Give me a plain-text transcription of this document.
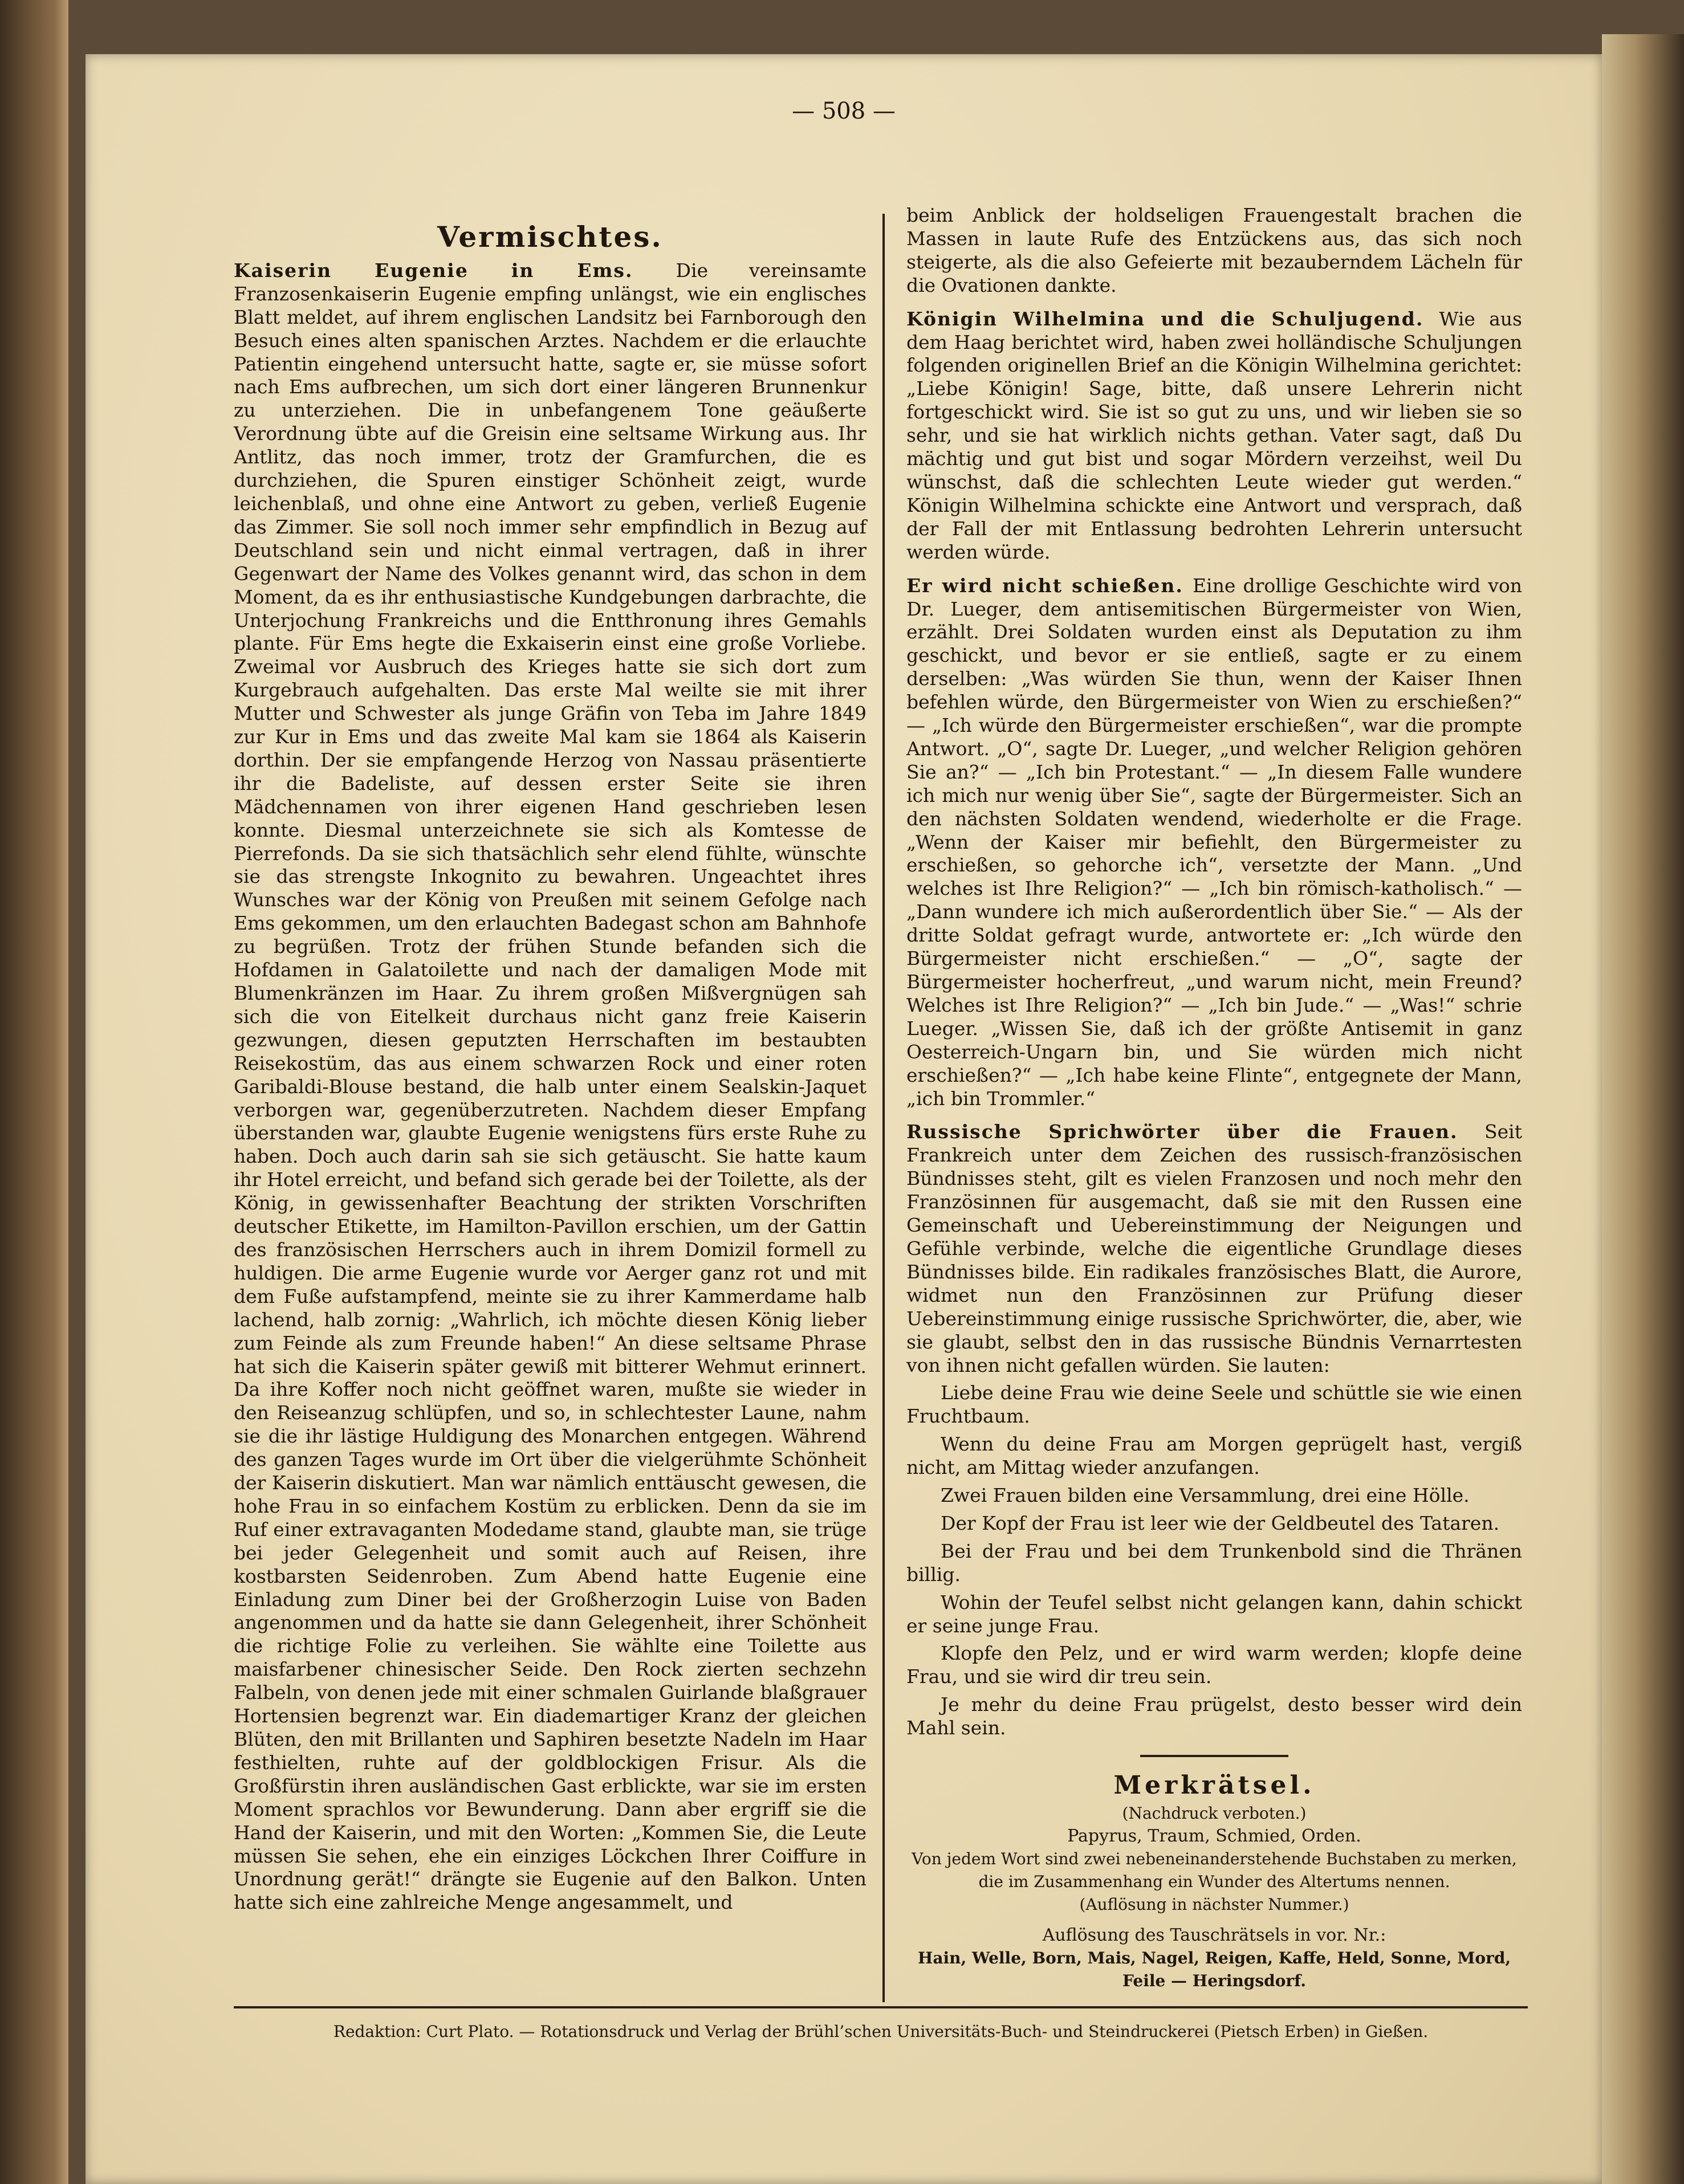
— 508 —
Vermischtes.

Kaiserin Eugenie in Ems. Die vereinsamte Franzosenkaiserin Eugenie empfing unlängst, wie ein englisches Blatt meldet, auf ihrem englischen Landsitz bei Farnborough den Besuch eines alten spanischen Arztes. Nachdem er die erlauchte Patientin eingehend untersucht hatte, sagte er, sie müsse sofort nach Ems aufbrechen, um sich dort einer längeren Brunnenkur zu unterziehen. Die in unbefangenem Tone geäußerte Verordnung übte auf die Greisin eine seltsame Wirkung aus. Ihr Antlitz, das noch immer, trotz der Gramfurchen, die es durchziehen, die Spuren einstiger Schönheit zeigt, wurde leichenblaß, und ohne eine Antwort zu geben, verließ Eugenie das Zimmer. Sie soll noch immer sehr empfindlich in Bezug auf Deutschland sein und nicht einmal vertragen, daß in ihrer Gegenwart der Name des Volkes genannt wird, das schon in dem Moment, da es ihr enthusiastische Kundgebungen darbrachte, die Unterjochung Frankreichs und die Entthronung ihres Gemahls plante. Für Ems hegte die Exkaiserin einst eine große Vorliebe. Zweimal vor Ausbruch des Krieges hatte sie sich dort zum Kurgebrauch aufgehalten. Das erste Mal weilte sie mit ihrer Mutter und Schwester als junge Gräfin von Teba im Jahre 1849 zur Kur in Ems und das zweite Mal kam sie 1864 als Kaiserin dorthin. Der sie empfangende Herzog von Nassau präsentierte ihr die Badeliste, auf dessen erster Seite sie ihren Mädchennamen von ihrer eigenen Hand geschrieben lesen konnte. Diesmal unterzeichnete sie sich als Komtesse de Pierrefonds. Da sie sich thatsächlich sehr elend fühlte, wünschte sie das strengste Inkognito zu bewahren. Ungeachtet ihres Wunsches war der König von Preußen mit seinem Gefolge nach Ems gekommen, um den erlauchten Badegast schon am Bahnhofe zu begrüßen. Trotz der frühen Stunde befanden sich die Hofdamen in Galatoilette und nach der damaligen Mode mit Blumenkränzen im Haar. Zu ihrem großen Mißvergnügen sah sich die von Eitelkeit durchaus nicht ganz freie Kaiserin gezwungen, diesen geputzten Herrschaften im bestaubten Reisekostüm, das aus einem schwarzen Rock und einer roten Garibaldi-Blouse bestand, die halb unter einem Sealskin-Jaquet verborgen war, gegenüberzutreten. Nachdem dieser Empfang überstanden war, glaubte Eugenie wenigstens fürs erste Ruhe zu haben. Doch auch darin sah sie sich getäuscht. Sie hatte kaum ihr Hotel erreicht, und befand sich gerade bei der Toilette, als der König, in gewissenhafter Beachtung der strikten Vorschriften deutscher Etikette, im Hamilton-Pavillon erschien, um der Gattin des französischen Herrschers auch in ihrem Domizil formell zu huldigen. Die arme Eugenie wurde vor Aerger ganz rot und mit dem Fuße aufstampfend, meinte sie zu ihrer Kammerdame halb lachend, halb zornig: „Wahrlich, ich möchte diesen König lieber zum Feinde als zum Freunde haben!“ An diese seltsame Phrase hat sich die Kaiserin später gewiß mit bitterer Wehmut erinnert. Da ihre Koffer noch nicht geöffnet waren, mußte sie wieder in den Reiseanzug schlüpfen, und so, in schlechtester Laune, nahm sie die ihr lästige Huldigung des Monarchen entgegen. Während des ganzen Tages wurde im Ort über die vielgerühmte Schönheit der Kaiserin diskutiert. Man war nämlich enttäuscht gewesen, die hohe Frau in so einfachem Kostüm zu erblicken. Denn da sie im Ruf einer extravaganten Modedame stand, glaubte man, sie trüge bei jeder Gelegenheit und somit auch auf Reisen, ihre kostbarsten Seidenroben. Zum Abend hatte Eugenie eine Einladung zum Diner bei der Großherzogin Luise von Baden angenommen und da hatte sie dann Gelegenheit, ihrer Schönheit die richtige Folie zu verleihen. Sie wählte eine Toilette aus maisfarbener chinesischer Seide. Den Rock zierten sechzehn Falbeln, von denen jede mit einer schmalen Guirlande blaßgrauer Hortensien begrenzt war. Ein diademartiger Kranz der gleichen Blüten, den mit Brillanten und Saphiren besetzte Nadeln im Haar festhielten, ruhte auf der goldblockigen Frisur. Als die Großfürstin ihren ausländischen Gast erblickte, war sie im ersten Moment sprachlos vor Bewunderung. Dann aber ergriff sie die Hand der Kaiserin, und mit den Worten: „Kommen Sie, die Leute müssen Sie sehen, ehe ein einziges Löckchen Ihrer Coiffure in Unordnung gerät!“ drängte sie Eugenie auf den Balkon. Unten hatte sich eine zahlreiche Menge angesammelt, und

beim Anblick der holdseligen Frauengestalt brachen die Massen in laute Rufe des Entzückens aus, das sich noch steigerte, als die also Gefeierte mit bezauberndem Lächeln für die Ovationen dankte.

Königin Wilhelmina und die Schuljugend. Wie aus dem Haag berichtet wird, haben zwei holländische Schuljungen folgenden originellen Brief an die Königin Wilhelmina gerichtet: „Liebe Königin! Sage, bitte, daß unsere Lehrerin nicht fortgeschickt wird. Sie ist so gut zu uns, und wir lieben sie so sehr, und sie hat wirklich nichts gethan. Vater sagt, daß Du mächtig und gut bist und sogar Mördern verzeihst, weil Du wünschst, daß die schlechten Leute wieder gut werden.“ Königin Wilhelmina schickte eine Antwort und versprach, daß der Fall der mit Entlassung bedrohten Lehrerin untersucht werden würde.

Er wird nicht schießen. Eine drollige Geschichte wird von Dr. Lueger, dem antisemitischen Bürgermeister von Wien, erzählt. Drei Soldaten wurden einst als Deputation zu ihm geschickt, und bevor er sie entließ, sagte er zu einem derselben: „Was würden Sie thun, wenn der Kaiser Ihnen befehlen würde, den Bürgermeister von Wien zu erschießen?“ — „Ich würde den Bürgermeister erschießen“, war die prompte Antwort. „O“, sagte Dr. Lueger, „und welcher Religion gehören Sie an?“ — „Ich bin Protestant.“ — „In diesem Falle wundere ich mich nur wenig über Sie“, sagte der Bürgermeister. Sich an den nächsten Soldaten wendend, wiederholte er die Frage. „Wenn der Kaiser mir befiehlt, den Bürgermeister zu erschießen, so gehorche ich“, versetzte der Mann. „Und welches ist Ihre Religion?“ — „Ich bin römisch-katholisch.“ — „Dann wundere ich mich außerordentlich über Sie.“ — Als der dritte Soldat gefragt wurde, antwortete er: „Ich würde den Bürgermeister nicht erschießen.“ — „O“, sagte der Bürgermeister hocherfreut, „und warum nicht, mein Freund? Welches ist Ihre Religion?“ — „Ich bin Jude.“ — „Was!“ schrie Lueger. „Wissen Sie, daß ich der größte Antisemit in ganz Oesterreich-Ungarn bin, und Sie würden mich nicht erschießen?“ — „Ich habe keine Flinte“, entgegnete der Mann, „ich bin Trommler.“

Russische Sprichwörter über die Frauen. Seit Frankreich unter dem Zeichen des russisch-französischen Bündnisses steht, gilt es vielen Franzosen und noch mehr den Französinnen für ausgemacht, daß sie mit den Russen eine Gemeinschaft und Uebereinstimmung der Neigungen und Gefühle verbinde, welche die eigentliche Grundlage dieses Bündnisses bilde. Ein radikales französisches Blatt, die Aurore, widmet nun den Französinnen zur Prüfung dieser Uebereinstimmung einige russische Sprichwörter, die, aber, wie sie glaubt, selbst den in das russische Bündnis Vernarrtesten von ihnen nicht gefallen würden. Sie lauten:

Liebe deine Frau wie deine Seele und schüttle sie wie einen Fruchtbaum.

Wenn du deine Frau am Morgen geprügelt hast, vergiß nicht, am Mittag wieder anzufangen.

Zwei Frauen bilden eine Versammlung, drei eine Hölle.

Der Kopf der Frau ist leer wie der Geldbeutel des Tataren.

Bei der Frau und bei dem Trunkenbold sind die Thränen billig.

Wohin der Teufel selbst nicht gelangen kann, dahin schickt er seine junge Frau.

Klopfe den Pelz, und er wird warm werden; klopfe deine Frau, und sie wird dir treu sein.

Je mehr du deine Frau prügelst, desto besser wird dein Mahl sein.

Merkrätsel.
(Nachdruck verboten.)
Papyrus, Traum, Schmied, Orden.
Von jedem Wort sind zwei nebeneinanderstehende Buchstaben zu merken, die im Zusammenhang ein Wunder des Altertums nennen.
(Auflösung in nächster Nummer.)
Auflösung des Tauschrätsels in vor. Nr.:
Hain, Welle, Born, Mais, Nagel, Reigen, Kaffe, Held, Sonne, Mord,
Feile — Heringsdorf.
Redaktion: Curt Plato. — Rotationsdruck und Verlag der Brühl’schen Universitäts-Buch- und Steindruckerei (Pietsch Erben) in Gießen.
